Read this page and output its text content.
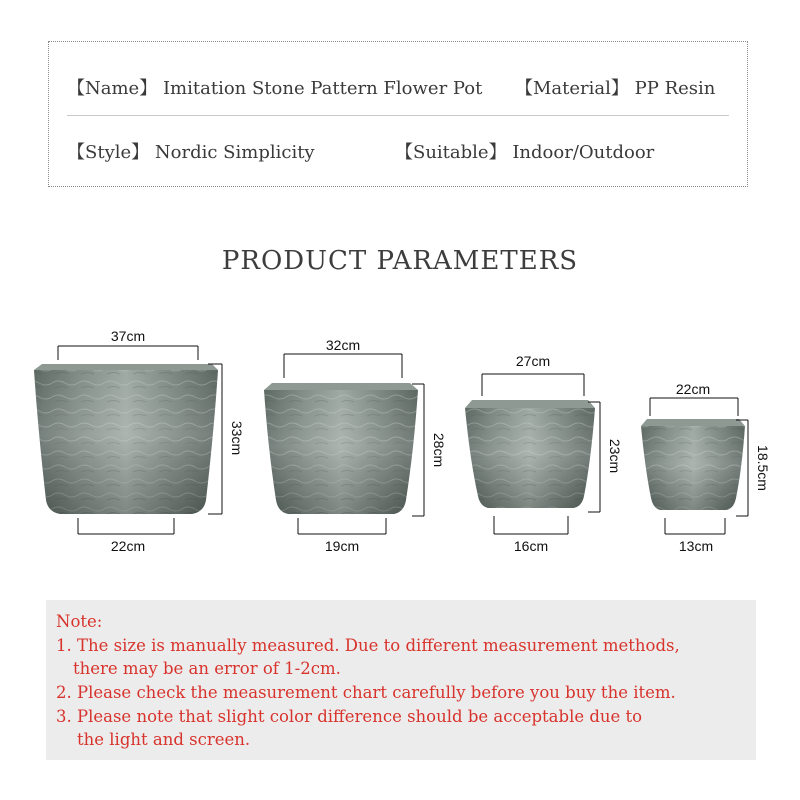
【Name】 Imitation Stone Pattern Flower Pot 【Material】 PP Resin
【Style】 Nordic Simplicity	【Suitable】 Indoor/Outdoor
PRODUCT PARAMETERS
37cm
33cm
22cm
32cm
28cm
19cm
27cm
23cm
16cm
22cm
18.5cm
13cm
Note:
1. The size is manually measured. Due to different measurement methods,
there may be an error of 1-2cm.
2. Please check the measurement chart carefully before you buy the item.
3. Please note that slight color difference should be acceptable due to
the light and screen.
